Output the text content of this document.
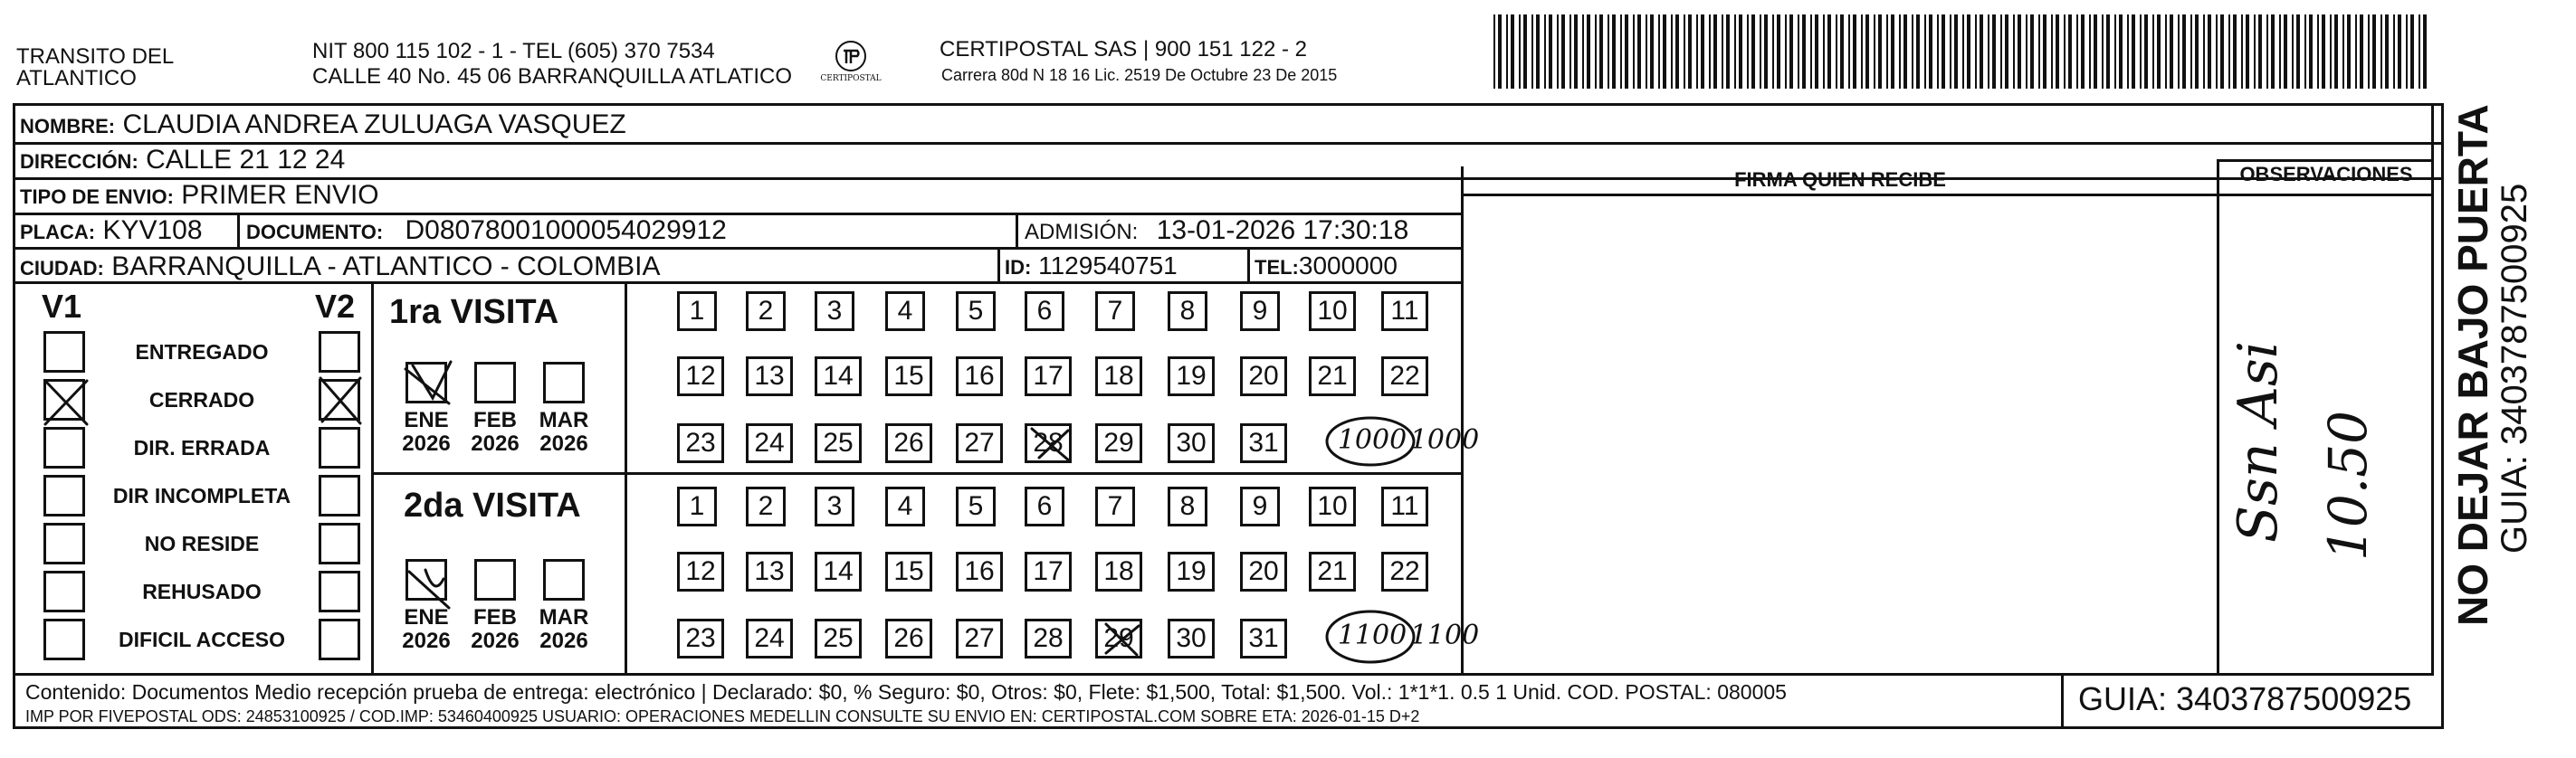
TRANSITO DEL
ATLANTICO
NIT 800 115 102 - 1 - TEL (605) 370 7534
CALLE 40 No. 45 06 BARRANQUILLA ATLATICO	CERTIPOSTAL
CERTIPOSTAL SAS | 900 151 122 - 2
Carrera 80d N 18 16 Lic. 2519 De Octubre 23 De 2015
NOMBRE: CLAUDIA ANDREA ZULUAGA VASQUEZ
DIRECCIÓN: CALLE 21 12 24
TIPO DE ENVIO: PRIMER ENVIO
FIRMA QUIEN RECIBE	OBSERVACIONES
PLACA: KYV108 DOCUMENTO: D08078001000054029912	ADMISIÓN: 13-01-2026 17:30:18
CIUDAD: BARRANQUILLA - ATLANTICO - COLOMBIA	ID: 1129540751	TEL:3000000
V1	V2
ENTREGADO
CERRADO
DIR. ERRADA
DIR INCOMPLETA
NO RESIDE
REHUSADO
DIFICIL ACCESO
1ra VISITA
2da VISITA
ENE
2026
FEB
2026
MAR
2026
ENE
2026
FEB
2026
MAR
2026
1	2	3	4	5	6	7	8	9	10	11
12	13	14	15	16	17	18	19	20	21	22
23	24	25	26	27	28	29	30	31	1000 1000
1	2	3	4	5	6	7	8	9	10	11
12	13	14	15	16	17	18	19	20	21	22
23	24	25	26	27	28	29	30	31	1100 1100
Ssn Asi 10.50
Contenido: Documentos Medio recepción prueba de entrega: electrónico | Declarado: $0, % Seguro: $0, Otros: $0, Flete: $1,500, Total: $1,500. Vol.: 1*1*1. 0.5 1 Unid. COD. POSTAL: 080005
IMP POR FIVEPOSTAL ODS: 24853100925 / COD.IMP: 53460400925 USUARIO: OPERACIONES MEDELLIN CONSULTE SU ENVIO EN: CERTIPOSTAL.COM SOBRE ETA: 2026-01-15 D+2	GUIA: 3403787500925
NO DEJAR BAJO PUERTA
GUIA: 3403787500925
